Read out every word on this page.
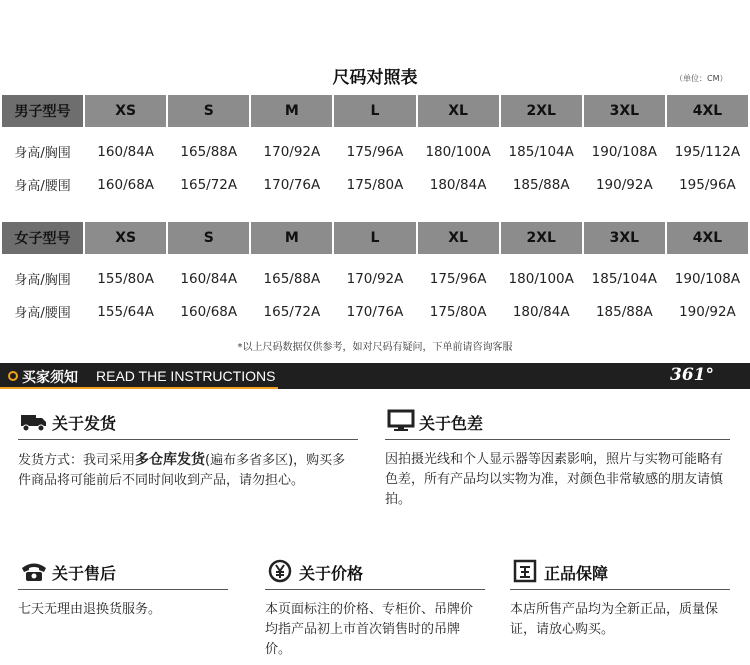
尺码对照表	（单位：CM）
男子型号	XS	S	M	L	XL	2XL	3XL	4XL

身高/胸围	160/84A	165/88A	170/92A	175/96A	180/100A	185/104A	190/108A	195/112A
身高/腰围	160/68A	165/72A	170/76A	175/80A	180/84A	185/88A	190/92A	195/96A
女子型号	XS	S	M	L	XL	2XL	3XL	4XL

身高/胸围	155/80A	160/84A	165/88A	170/92A	175/96A	180/100A	185/104A	190/108A
身高/腰围	155/64A	160/68A	165/72A	170/76A	175/80A	180/84A	185/88A	190/92A
*以上尺码数据仅供参考，如对尺码有疑问，下单前请咨询客服
买家须知 READ THE INSTRUCTIONS	361°
关于发货
发货方式：我司采用多仓库发货(遍布多省多区)，购买多件商品将可能前后不同时间收到产品，请勿担心。
关于色差
因拍摄光线和个人显示器等因素影响，照片与实物可能略有色差，所有产品均以实物为准，对颜色非常敏感的朋友请慎拍。
关于售后
七天无理由退换货服务。
关于价格
本页面标注的价格、专柜价、吊牌价均指产品初上市首次销售时的吊牌价。
正品保障
本店所售产品均为全新正品，质量保证，请放心购买。
